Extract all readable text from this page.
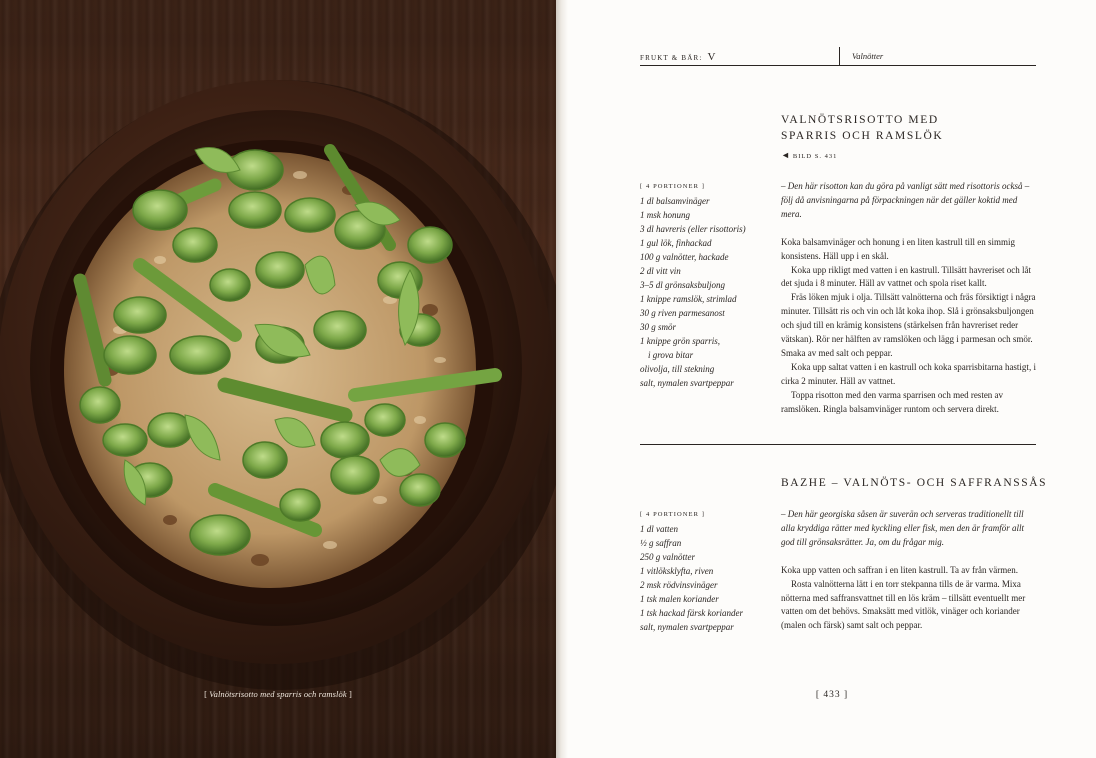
[ Valnötsrisotto med sparris och ramslök ]
FRUKT & BÄR: V	Valnötter
VALNÖTSRISOTTO MED
SPARRIS OCH RAMSLÖK
◄ BILD S. 431
[ 4 PORTIONER ]
1 dl balsamvinäger
1 msk honung
3 dl havreris (eller risottoris)
1 gul lök, finhackad
100 g valnötter, hackade
2 dl vitt vin
3–5 dl grönsaksbuljong
1 knippe ramslök, strimlad
30 g riven parmesanost
30 g smör
1 knippe grön sparris,
i grova bitar
olivolja, till stekning
salt, nymalen svartpeppar

– Den här risotton kan du göra på vanligt sätt med risottoris också – följ då anvisningarna på förpackningen när det gäller koktid med mera.

Koka balsamvinäger och honung i en liten kastrull till en simmig konsistens. Häll upp i en skål.

Koka upp rikligt med vatten i en kastrull. Tillsätt havreriset och låt det sjuda i 8 minuter. Häll av vattnet och spola riset kallt.

Fräs löken mjuk i olja. Tillsätt valnötterna och fräs försiktigt i några minuter. Tillsätt ris och vin och låt koka ihop. Slå i grönsaksbuljongen och sjud till en krämig konsistens (stärkelsen från havreriset reder vätskan). Rör ner hälften av ramslöken och lägg i parmesan och smör. Smaka av med salt och peppar.

Koka upp saltat vatten i en kastrull och koka sparrisbitarna hastigt, i cirka 2 minuter. Häll av vattnet.

Toppa risotton med den varma sparrisen och med resten av ramslöken. Ringla balsamvinäger runtom och servera direkt.

BAZHE – VALNÖTS- OCH SAFFRANSSÅS
[ 4 PORTIONER ]
1 dl vatten
½ g saffran
250 g valnötter
1 vitlöksklyfta, riven
2 msk rödvinsvinäger
1 tsk malen koriander
1 tsk hackad färsk koriander
salt, nymalen svartpeppar

– Den här georgiska såsen är suverän och serveras traditionellt till alla kryddiga rätter med kyckling eller fisk, men den är framför allt god till grönsaksrätter. Ja, om du frågar mig.

Koka upp vatten och saffran i en liten kastrull. Ta av från värmen.

Rosta valnötterna lätt i en torr stekpanna tills de är varma. Mixa nötterna med saffransvattnet till en lös kräm – tillsätt eventuellt mer vatten om det behövs. Smaksätt med vitlök, vinäger och koriander (malen och färsk) samt salt och peppar.

[ 433 ]
